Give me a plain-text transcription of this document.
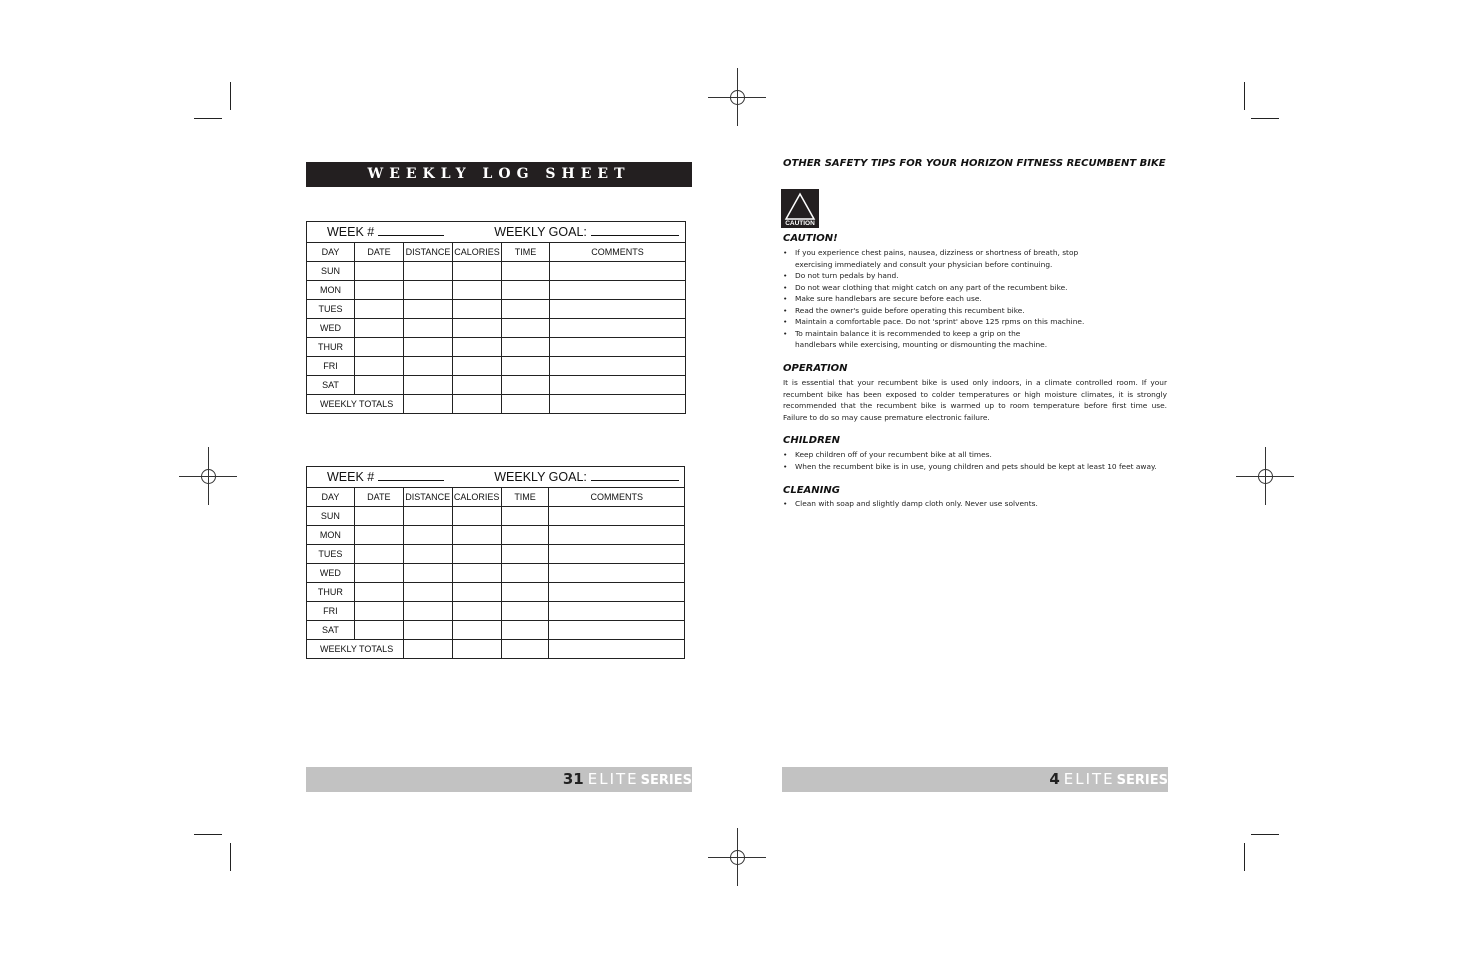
WEEKLY LOG SHEET
WEEK # WEEKLY GOAL:					
DAY	DATE	DISTANCE	CALORIES	TIME	COMMENTS
SUN					
MON					
TUES					
WED					
THUR					
FRI					
SAT					
WEEKLY TOTALS					
WEEK # WEEKLY GOAL:					
DAY	DATE	DISTANCE	CALORIES	TIME	COMMENTS
SUN					
MON					
TUES					
WED					
THUR					
FRI					
SAT					
WEEKLY TOTALS					
31 ELITE SERIES
OTHER SAFETY TIPS FOR YOUR HORIZON FITNESS RECUMBENT BIKE
CAUTION
CAUTION!
• If you experience chest pains, nausea, dizziness or shortness of breath, stop
exercising immediately and consult your physician before continuing.
• Do not turn pedals by hand.
• Do not wear clothing that might catch on any part of the recumbent bike.
• Make sure handlebars are secure before each use.
• Read the owner's guide before operating this recumbent bike.
• Maintain a comfortable pace. Do not 'sprint' above 125 rpms on this machine.
• To maintain balance it is recommended to keep a grip on the
handlebars while exercising, mounting or dismounting the machine.
OPERATION
It is essential that your recumbent bike is used only indoors, in a climate controlled room. If your recumbent bike has been exposed to colder temperatures or high moisture climates, it is strongly recommended that the recumbent bike is warmed up to room temperature before first time use. Failure to do so may cause premature electronic failure.
CHILDREN
• Keep children off of your recumbent bike at all times.
• When the recumbent bike is in use, young children and pets should be kept at least 10 feet away.
CLEANING
• Clean with soap and slightly damp cloth only. Never use solvents.
4 ELITE SERIES
